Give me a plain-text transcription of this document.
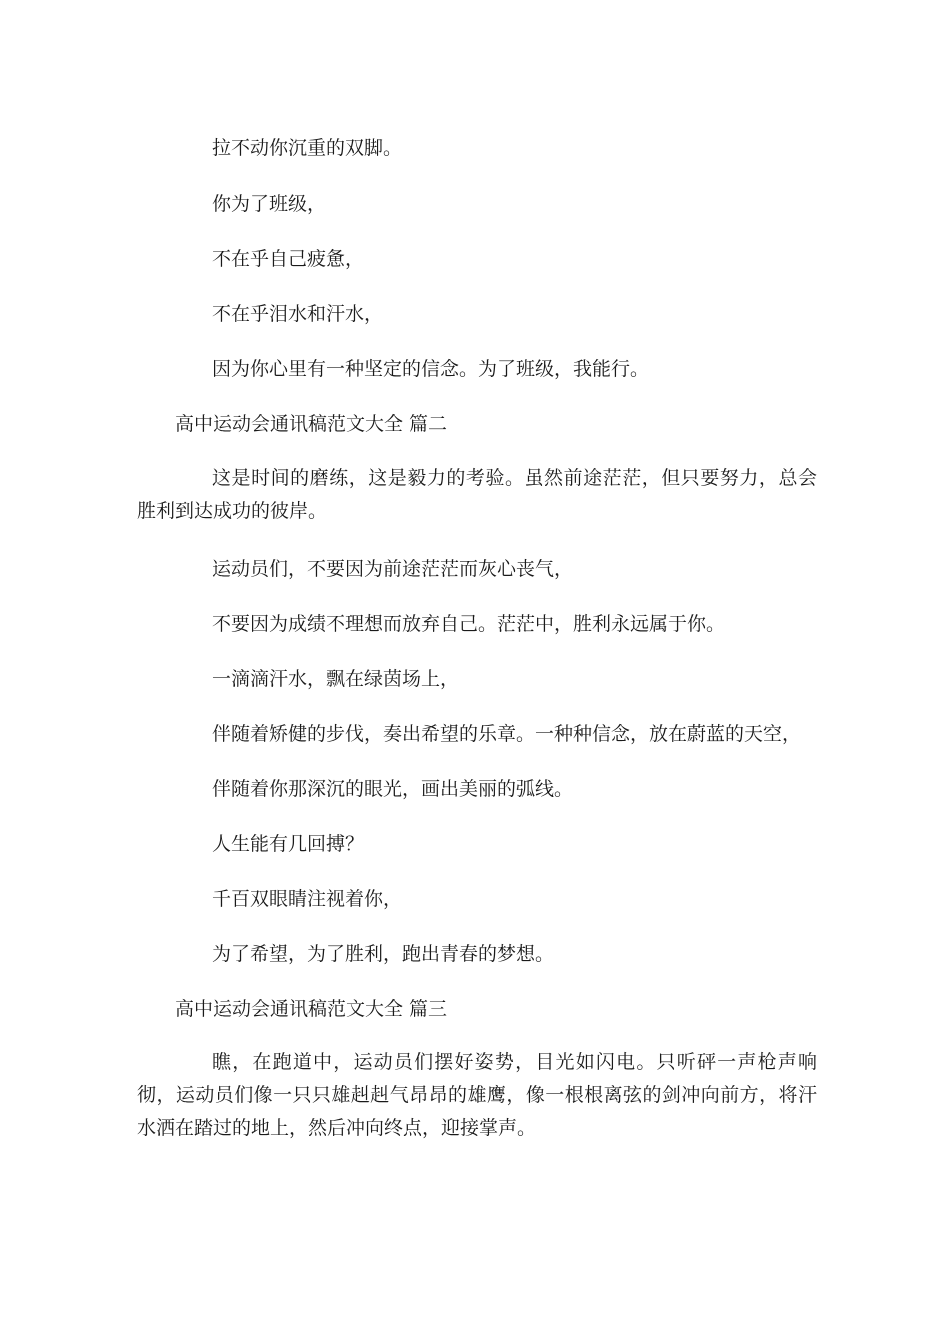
拉不动你沉重的双脚。
你为了班级，
不在乎自己疲惫，
不在乎泪水和汗水，
因为你心里有一种坚定的信念。为了班级，我能行。
高中运动会通讯稿范文大全 篇二
这是时间的磨练，这是毅力的考验。虽然前途茫茫，但只要努力，总会胜利到达成功的彼岸。
运动员们，不要因为前途茫茫而灰心丧气，
不要因为成绩不理想而放弃自己。茫茫中，胜利永远属于你。
一滴滴汗水，飘在绿茵场上，
伴随着矫健的步伐，奏出希望的乐章。一种种信念，放在蔚蓝的天空，
伴随着你那深沉的眼光，画出美丽的弧线。
人生能有几回搏？
千百双眼睛注视着你，
为了希望，为了胜利，跑出青春的梦想。
高中运动会通讯稿范文大全 篇三
瞧，在跑道中，运动员们摆好姿势，目光如闪电。只听砰一声枪声响彻，运动员们像一只只雄赳赳气昂昂的雄鹰，像一根根离弦的剑冲向前方，将汗水洒在踏过的地上，然后冲向终点，迎接掌声。
